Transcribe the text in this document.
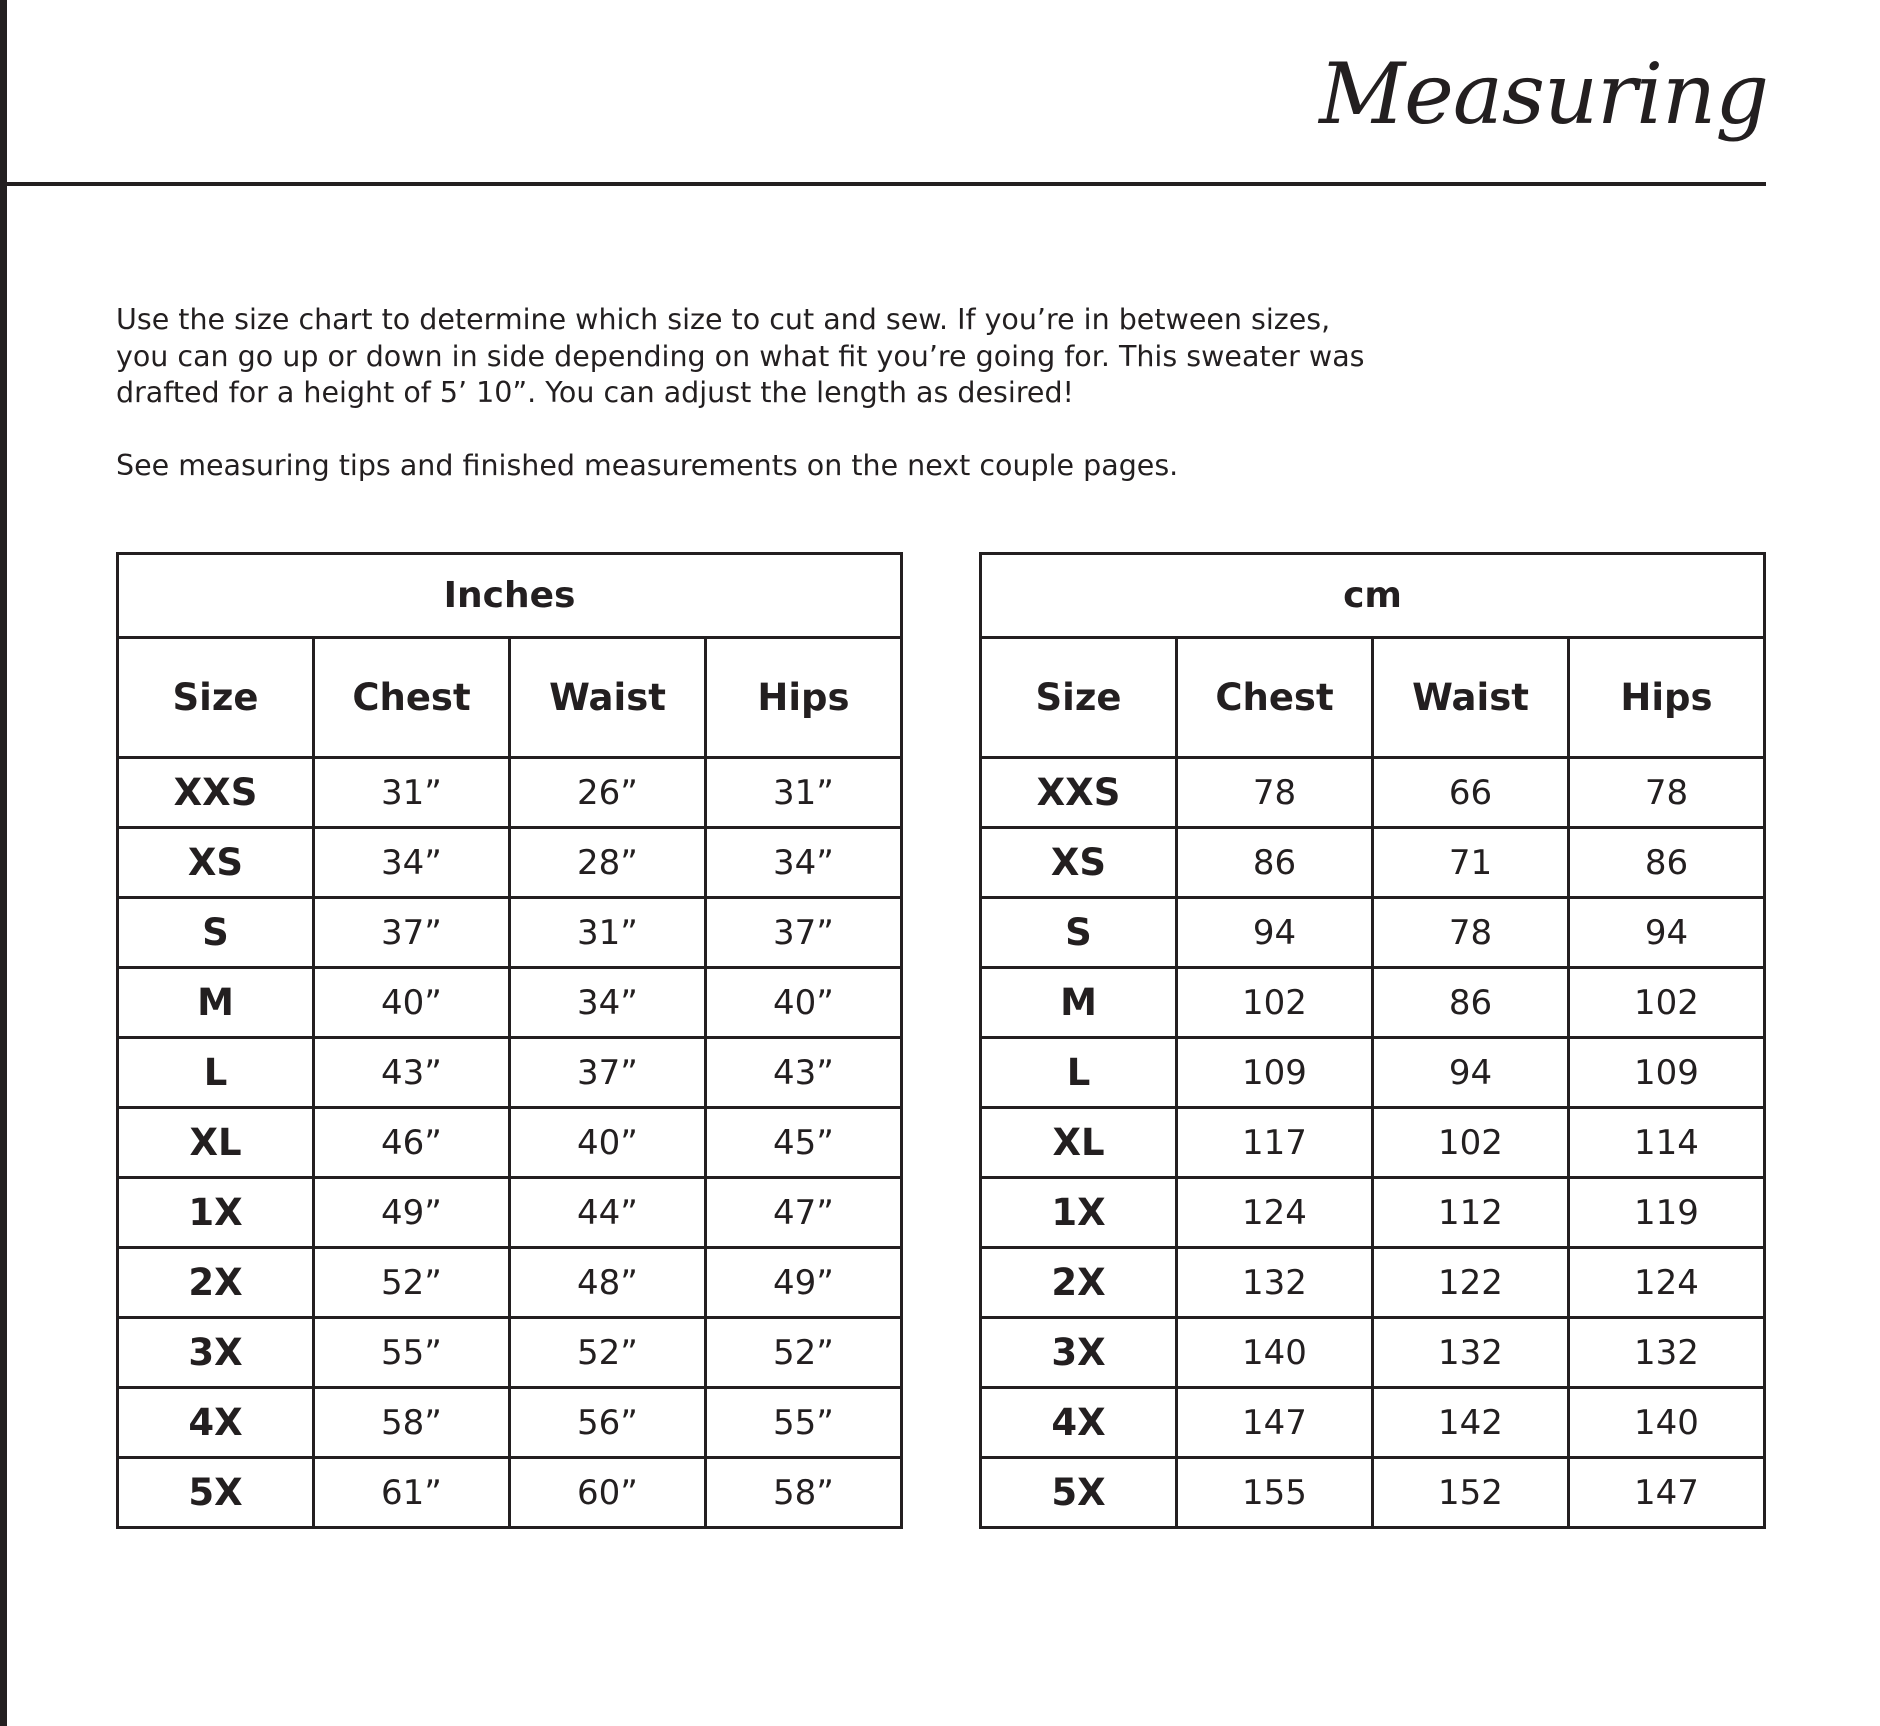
Measuring

Use the size chart to determine which size to cut and sew. If you’re in between sizes, you can go up or down in side depending on what fit you’re going for. This sweater was drafted for a height of 5’ 10”. You can adjust the length as desired!

See measuring tips and finished measurements on the next couple pages.

Inches			
Size	Chest	Waist	Hips
XXS	31”	26”	31”
XS	34”	28”	34”
S	37”	31”	37”
M	40”	34”	40”
L	43”	37”	43”
XL	46”	40”	45”
1X	49”	44”	47”
2X	52”	48”	49”
3X	55”	52”	52”
4X	58”	56”	55”
5X	61”	60”	58”
cm			
Size	Chest	Waist	Hips
XXS	78	66	78
XS	86	71	86
S	94	78	94
M	102	86	102
L	109	94	109
XL	117	102	114
1X	124	112	119
2X	132	122	124
3X	140	132	132
4X	147	142	140
5X	155	152	147
